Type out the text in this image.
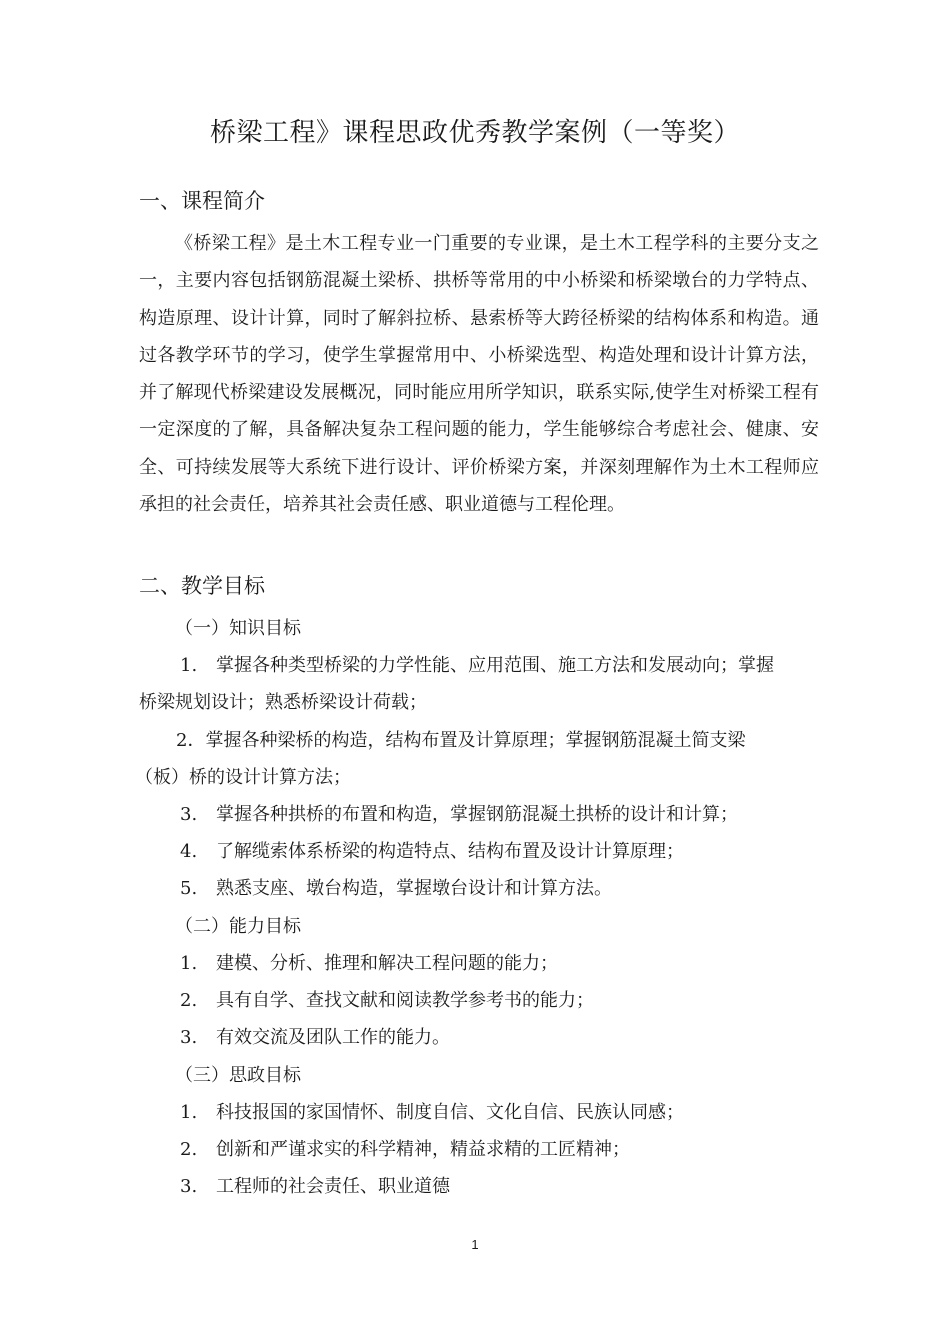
桥梁工程》课程思政优秀教学案例（一等奖）
一、课程简介

《桥梁工程》是土木工程专业一门重要的专业课，是土木工程学科的主要分支之一，主要内容包括钢筋混凝土梁桥、拱桥等常用的中小桥梁和桥梁墩台的力学特点、构造原理、设计计算，同时了解斜拉桥、悬索桥等大跨径桥梁的结构体系和构造。通过各教学环节的学习，使学生掌握常用中、小桥梁选型、构造处理和设计计算方法，并了解现代桥梁建设发展概况，同时能应用所学知识，联系实际,使学生对桥梁工程有一定深度的了解，具备解决复杂工程问题的能力，学生能够综合考虑社会、健康、安全、可持续发展等大系统下进行设计、评价桥梁方案，并深刻理解作为土木工程师应承担的社会责任，培养其社会责任感、职业道德与工程伦理。

二、教学目标
（一）知识目标
1. 掌握各种类型桥梁的力学性能、应用范围、施工方法和发展动向；掌握
桥梁规划设计；熟悉桥梁设计荷载；
2．掌握各种梁桥的构造，结构布置及计算原理；掌握钢筋混凝土简支梁
（板）桥的设计计算方法；
3. 掌握各种拱桥的布置和构造，掌握钢筋混凝土拱桥的设计和计算；
4. 了解缆索体系桥梁的构造特点、结构布置及设计计算原理；
5. 熟悉支座、墩台构造，掌握墩台设计和计算方法。
（二）能力目标
1. 建模、分析、推理和解决工程问题的能力；
2. 具有自学、查找文献和阅读教学参考书的能力；
3. 有效交流及团队工作的能力。
（三）思政目标
1. 科技报国的家国情怀、制度自信、文化自信、民族认同感；
2. 创新和严谨求实的科学精神，精益求精的工匠精神；
3. 工程师的社会责任、职业道德
1
